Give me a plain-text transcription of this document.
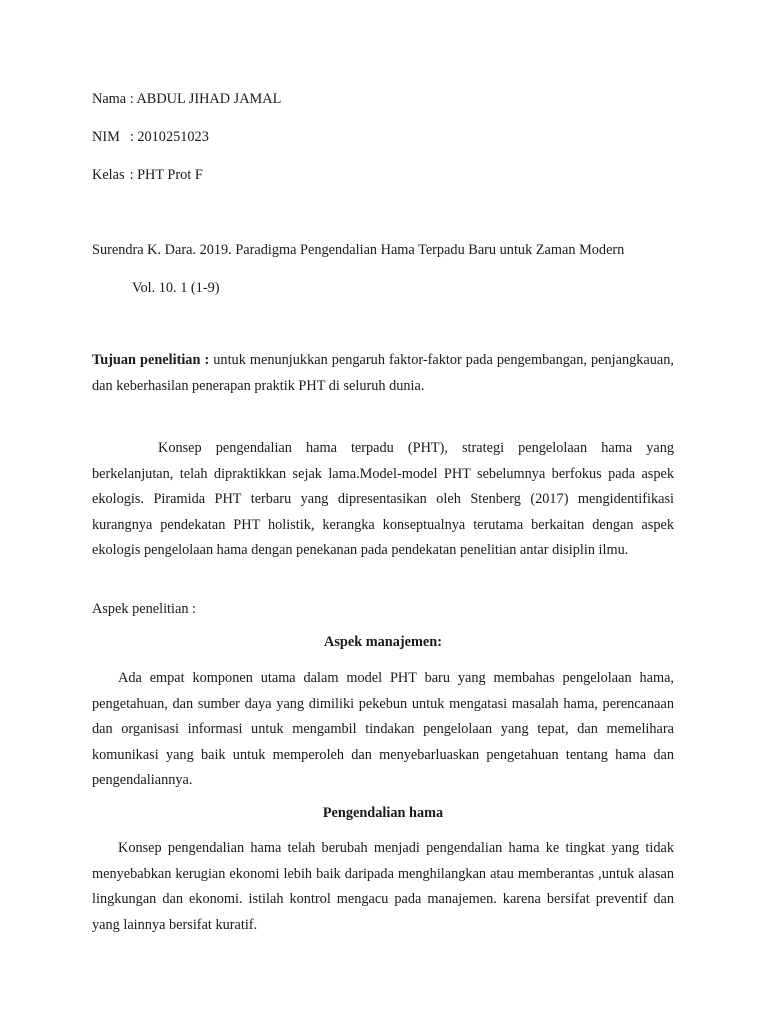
Nama : ABDUL JIHAD JAMAL
NIM : 2010251023
Kelas : PHT Prot F
Surendra K. Dara. 2019. Paradigma Pengendalian Hama Terpadu Baru untuk Zaman Modern
Vol. 10. 1 (1-9)

Tujuan penelitian : untuk menunjukkan pengaruh faktor-faktor pada pengembangan, penjangkauan, dan keberhasilan penerapan praktik PHT di seluruh dunia.

Konsep pengendalian hama terpadu (PHT), strategi pengelolaan hama yang berkelanjutan, telah dipraktikkan sejak lama.Model-model PHT sebelumnya berfokus pada aspek ekologis. Piramida PHT terbaru yang dipresentasikan oleh Stenberg (2017) mengidentifikasi kurangnya pendekatan PHT holistik, kerangka konseptualnya terutama berkaitan dengan aspek ekologis pengelolaan hama dengan penekanan pada pendekatan penelitian antar disiplin ilmu.

Aspek penelitian :
Aspek manajemen:

Ada empat komponen utama dalam model PHT baru yang membahas pengelolaan hama, pengetahuan, dan sumber daya yang dimiliki pekebun untuk mengatasi masalah hama, perencanaan dan organisasi informasi untuk mengambil tindakan pengelolaan yang tepat, dan memelihara komunikasi yang baik untuk memperoleh dan menyebarluaskan pengetahuan tentang hama dan pengendaliannya.

Pengendalian hama

Konsep pengendalian hama telah berubah menjadi pengendalian hama ke tingkat yang tidak menyebabkan kerugian ekonomi lebih baik daripada menghilangkan atau memberantas ,untuk alasan lingkungan dan ekonomi. istilah kontrol mengacu pada manajemen. karena bersifat preventif dan yang lainnya bersifat kuratif.
